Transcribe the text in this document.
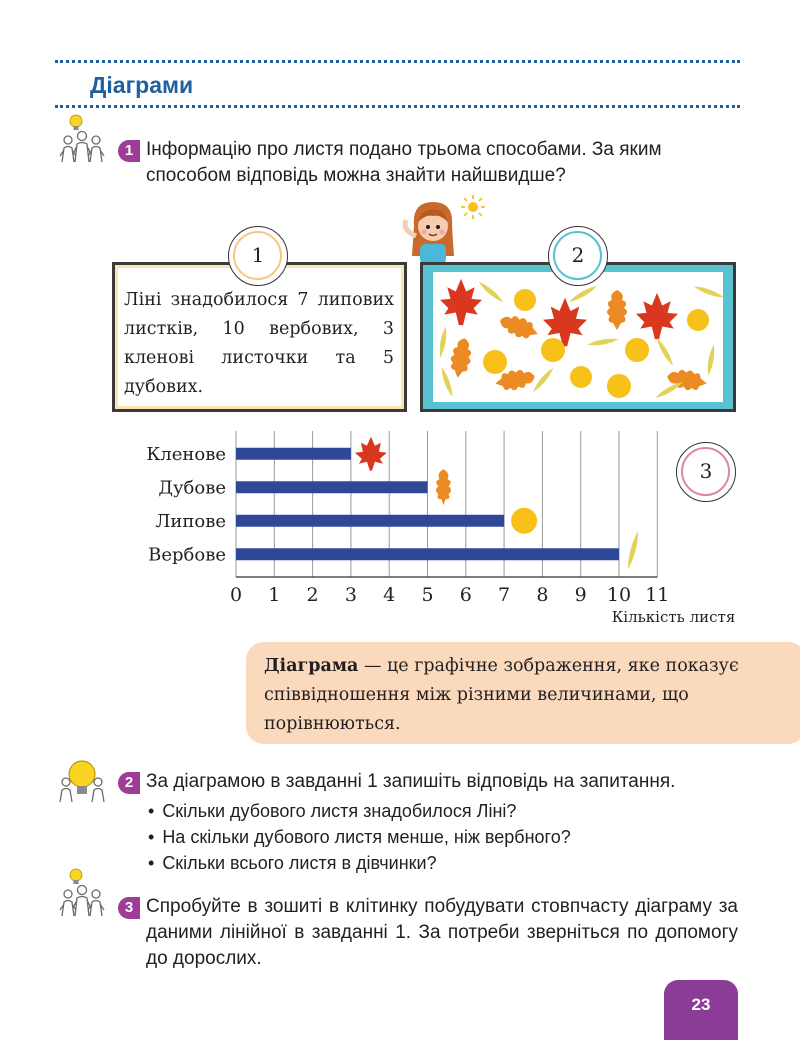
Діаграми
1 Інформацію про листя подано трьома способами. За яким способом відповідь можна знайти найшвидше?
Ліні знадобилося 7 липових листків, 10 вербових, 3 кленові листочки та 5 дубових.
1	2
0 1 2 3 4 5 6 7 8 9 10 11
Кількість листя
Кленове
Дубове
Липове
Вербове
3
Діаграма — це графічне зображення, яке показує співвідношення між різними величинами, що порівнюються.
2 За діаграмою в завданні 1 запишіть відповідь на запитання.
• Скільки дубового листя знадобилося Ліні?
• На скільки дубового листя менше, ніж вербного?
• Скільки всього листя в дівчинки?
3 Спробуйте в зошиті в клітинку побудувати стовпчасту діаграму за даними лінійної в завданні 1. За потреби зверніться по допомогу до дорослих.
23
